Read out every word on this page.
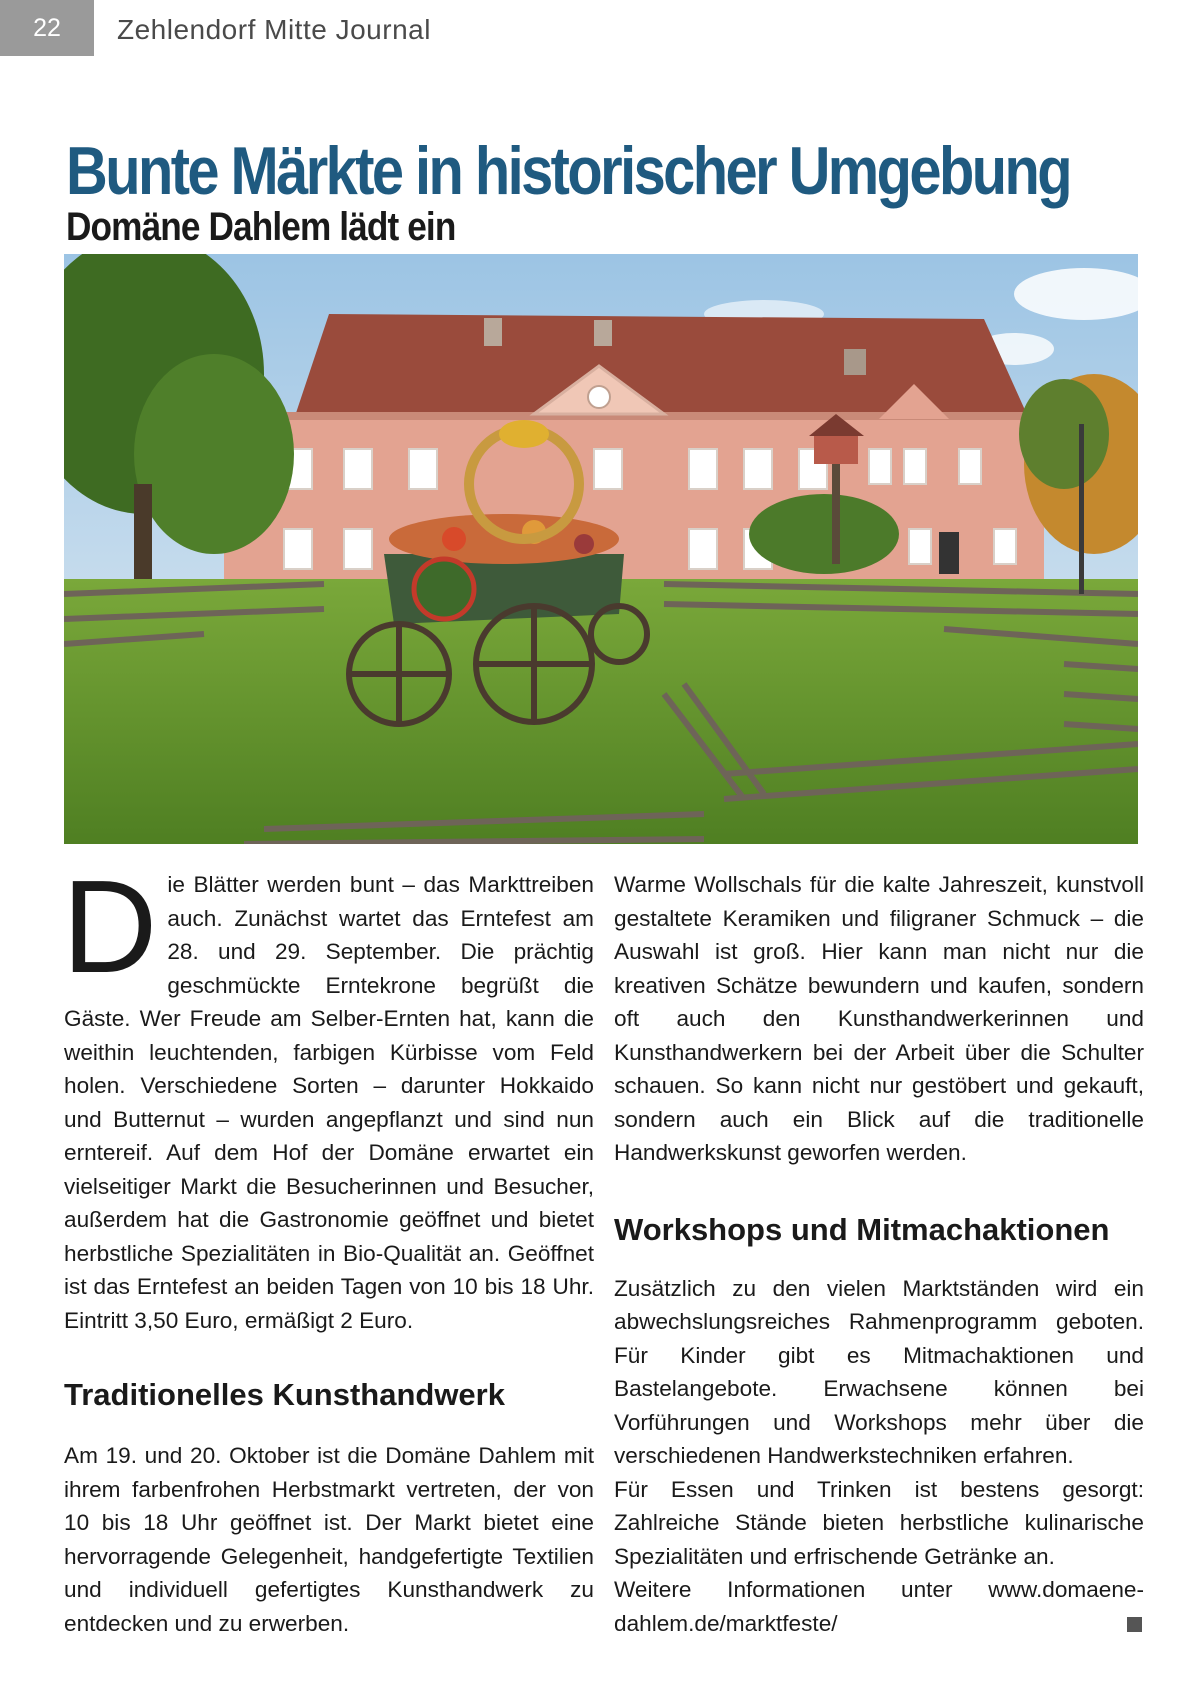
22	Zehlendorf Mitte Journal
Bunte Märkte in historischer Umgebung
Domäne Dahlem lädt ein

Die Blätter werden bunt – das Markttreiben auch. Zunächst wartet das Erntefest am 28. und 29. September. Die prächtig geschmückte Erntekrone begrüßt die Gäste. Wer Freude am Selber-Ernten hat, kann die weithin leuchtenden, farbigen Kürbisse vom Feld holen. Verschiedene Sorten – darunter Hokkaido und Butternut – wurden angepflanzt und sind nun erntereif. Auf dem Hof der Domäne erwartet ein vielseitiger Markt die Besucherinnen und Besucher, außerdem hat die Gastronomie geöffnet und bietet herbstliche Spezialitäten in Bio-Qualität an. Geöffnet ist das Erntefest an beiden Tagen von 10 bis 18 Uhr. Eintritt 3,50 Euro, ermäßigt 2 Euro.

Traditionelles Kunsthandwerk

Am 19. und 20. Oktober ist die Domäne Dahlem mit ihrem farbenfrohen Herbstmarkt vertreten, der von 10 bis 18 Uhr geöffnet ist. Der Markt bietet eine hervorragende Gelegenheit, handgefertigte Textilien und individuell gefertigtes Kunsthandwerk zu entdecken und zu erwerben.

Warme Wollschals für die kalte Jahreszeit, kunstvoll gestaltete Keramiken und filigraner Schmuck – die Auswahl ist groß. Hier kann man nicht nur die kreativen Schätze bewundern und kaufen, sondern oft auch den Kunsthandwerkerinnen und Kunsthandwerkern bei der Arbeit über die Schulter schauen. So kann nicht nur gestöbert und gekauft, sondern auch ein Blick auf die traditionelle Handwerkskunst geworfen werden.

Workshops und Mitmachaktionen

Zusätzlich zu den vielen Marktständen wird ein abwechslungsreiches Rahmenprogramm geboten. Für Kinder gibt es Mitmachaktionen und Bastelangebote. Erwachsene können bei Vorführungen und Workshops mehr über die verschiedenen Handwerkstechniken erfahren.

Für Essen und Trinken ist bestens gesorgt: Zahlreiche Stände bieten herbstliche kulinarische Spezialitäten und erfrischende Getränke an.

Weitere Informationen unter www.domaene-dahlem.de/marktfeste/
